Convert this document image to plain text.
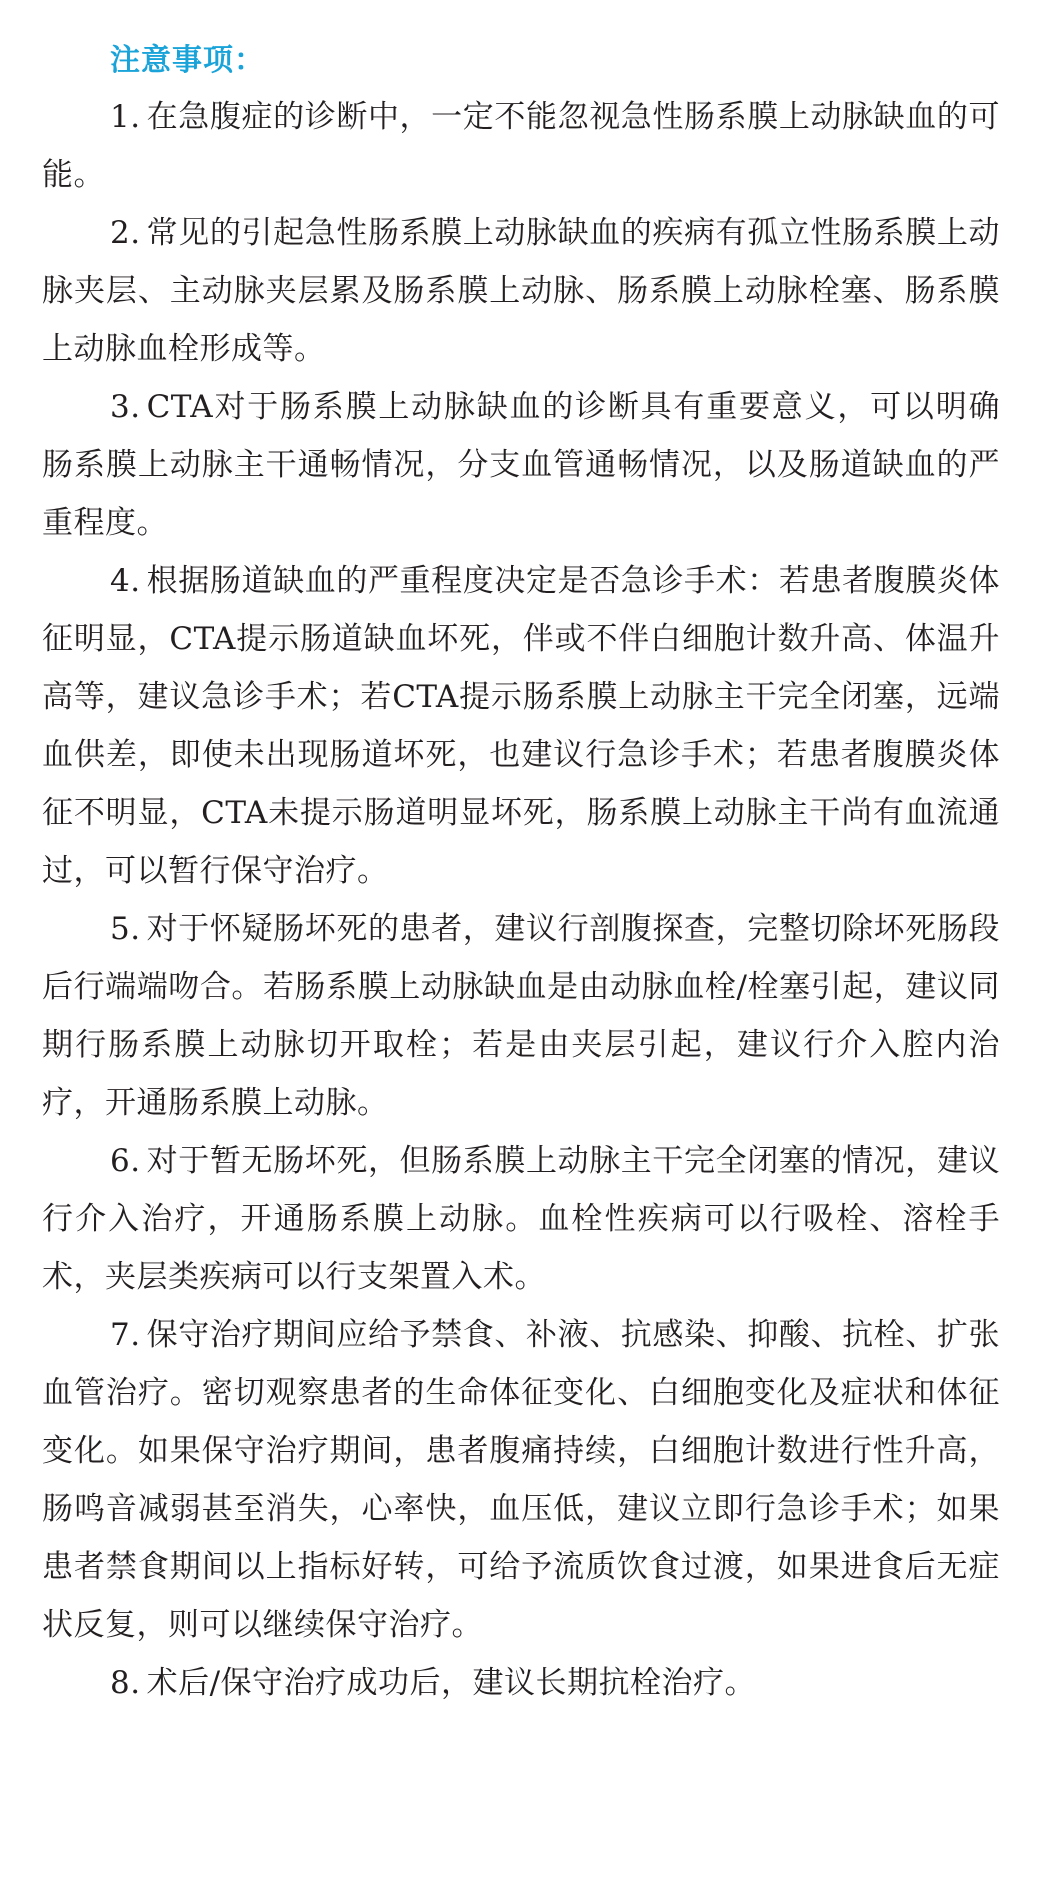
注意事项：

1. 在急腹症的诊断中，一定不能忽视急性肠系膜上动脉缺血的可能。

2. 常见的引起急性肠系膜上动脉缺血的疾病有孤立性肠系膜上动脉夹层、主动脉夹层累及肠系膜上动脉、肠系膜上动脉栓塞、肠系膜上动脉血栓形成等。

3. CTA对于肠系膜上动脉缺血的诊断具有重要意义，可以明确肠系膜上动脉主干通畅情况，分支血管通畅情况，以及肠道缺血的严重程度。

4. 根据肠道缺血的严重程度决定是否急诊手术：若患者腹膜炎体征明显，CTA提示肠道缺血坏死，伴或不伴白细胞计数升高、体温升高等，建议急诊手术；若CTA提示肠系膜上动脉主干完全闭塞，远端血供差，即使未出现肠道坏死，也建议行急诊手术；若患者腹膜炎体征不明显，CTA未提示肠道明显坏死，肠系膜上动脉主干尚有血流通过，可以暂行保守治疗。

5. 对于怀疑肠坏死的患者，建议行剖腹探查，完整切除坏死肠段后行端端吻合。若肠系膜上动脉缺血是由动脉血栓/栓塞引起，建议同期行肠系膜上动脉切开取栓；若是由夹层引起，建议行介入腔内治疗，开通肠系膜上动脉。

6. 对于暂无肠坏死，但肠系膜上动脉主干完全闭塞的情况，建议行介入治疗，开通肠系膜上动脉。血栓性疾病可以行吸栓、溶栓手术，夹层类疾病可以行支架置入术。

7. 保守治疗期间应给予禁食、补液、抗感染、抑酸、抗栓、扩张血管治疗。密切观察患者的生命体征变化、白细胞变化及症状和体征变化。如果保守治疗期间，患者腹痛持续，白细胞计数进行性升高，肠鸣音减弱甚至消失，心率快，血压低，建议立即行急诊手术；如果患者禁食期间以上指标好转，可给予流质饮食过渡，如果进食后无症状反复，则可以继续保守治疗。

8. 术后/保守治疗成功后，建议长期抗栓治疗。
